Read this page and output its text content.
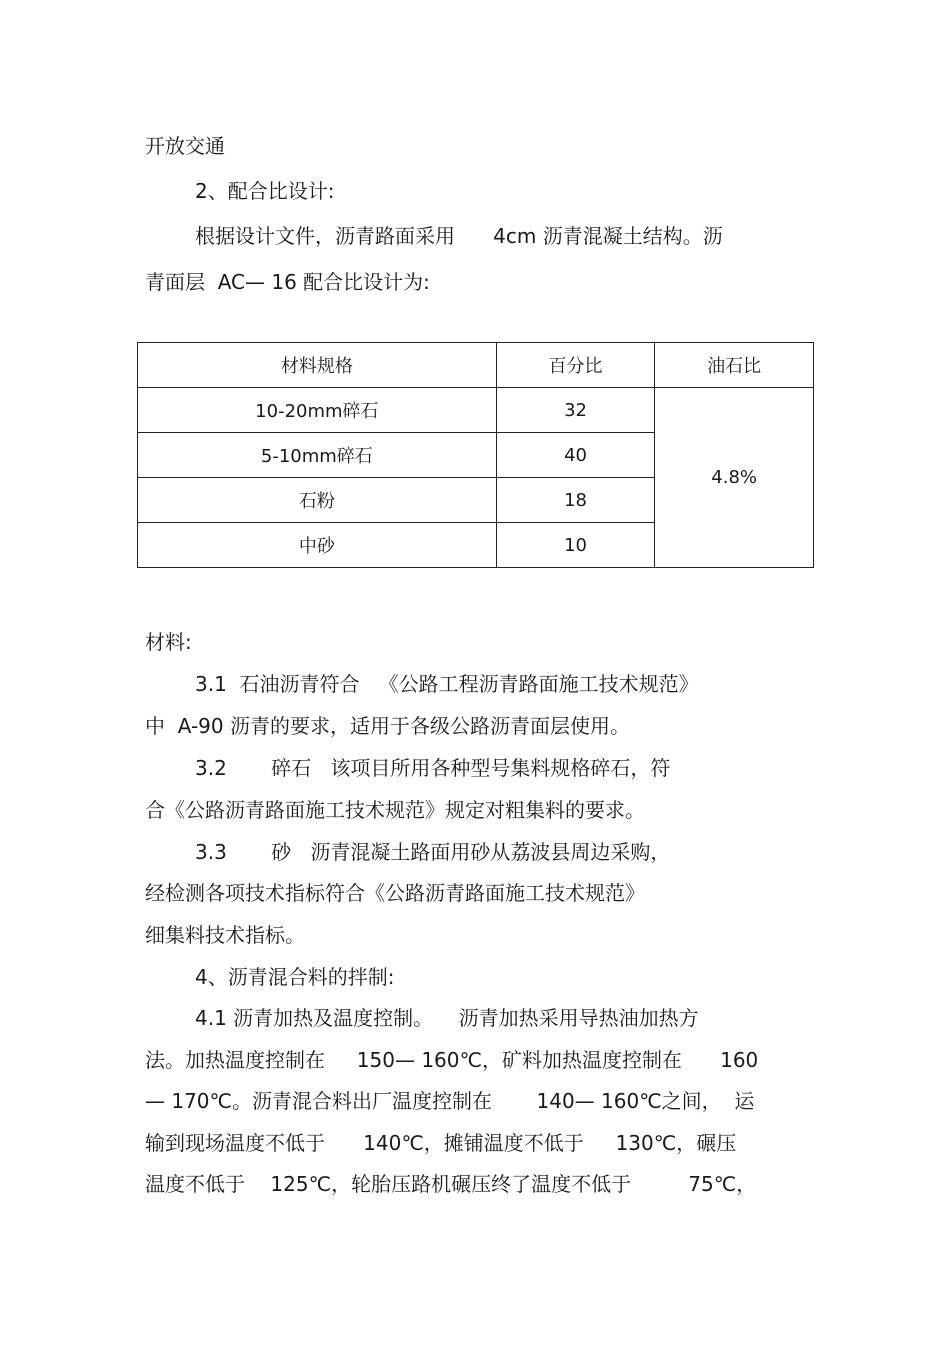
开放交通
2、配合比设计:
根据设计文件，沥青路面采用      4cm 沥青混凝土结构。沥
青面层  AC— 16 配合比设计为:
材料规格	百分比	油石比
10-20mm碎石	32	4.8%
5-10mm碎石	40	
石粉	18	
中砂	10	
材料:
3.1  石油沥青符合   《公路工程沥青路面施工技术规范》
中  A-90 沥青的要求，适用于各级公路沥青面层使用。
3.2       碎石   该项目所用各种型号集料规格碎石，符
合《公路沥青路面施工技术规范》规定对粗集料的要求。
3.3       砂   沥青混凝土路面用砂从荔波县周边采购，
经检测各项技术指标符合《公路沥青路面施工技术规范》
细集料技术指标。
4、沥青混合料的拌制:
4.1 沥青加热及温度控制。    沥青加热采用导热油加热方
法。加热温度控制在     150— 160℃，矿料加热温度控制在      160
— 170℃。沥青混合料出厂温度控制在       140— 160℃之间，  运
输到现场温度不低于      140℃，摊铺温度不低于     130℃，碾压
温度不低于    125℃，轮胎压路机碾压终了温度不低于         75℃，
